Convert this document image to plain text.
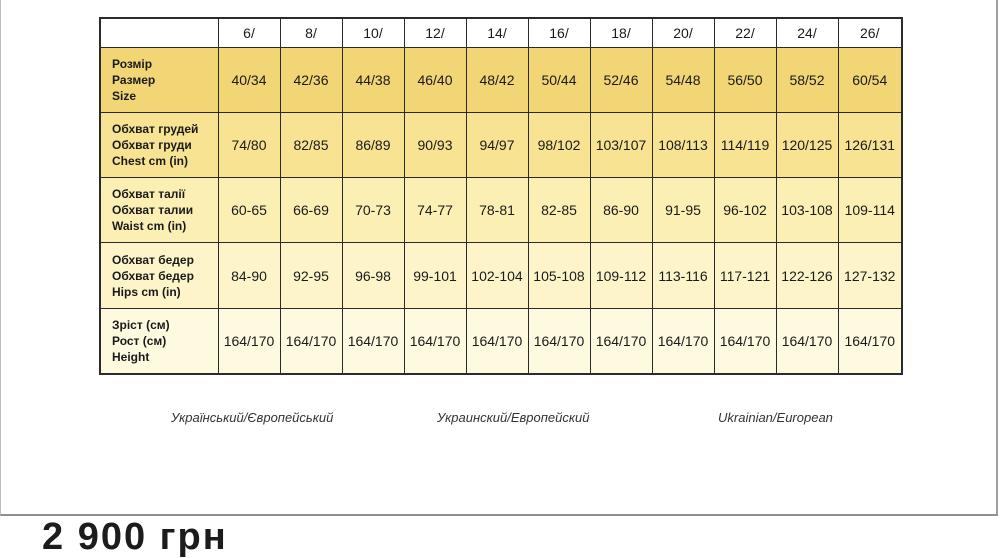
	6/	8/	10/	12/	14/	16/	18/	20/	22/	24/	26/

Розмір
Размер
Size	40/34	42/36	44/38	46/40	48/42	50/44	52/46	54/48	56/50	58/52	60/54

Обхват грудей
Обхват груди
Chest cm (in)	74/80	82/85	86/89	90/93	94/97	98/102	103/107	108/113	114/119	120/125	126/131

Обхват талії
Обхват талии
Waist cm (in)	60-65	66-69	70-73	74-77	78-81	82-85	86-90	91-95	96-102	103-108	109-114

Обхват бедер
Обхват бедер
Hips cm (in)	84-90	92-95	96-98	99-101	102-104	105-108	109-112	113-116	117-121	122-126	127-132

Зріст (см)
Рост (см)
Height	164/170	164/170	164/170	164/170	164/170	164/170	164/170	164/170	164/170	164/170	164/170
Український/Європейський	Украинский/Европейский	Ukrainian/European
2 900 грн
